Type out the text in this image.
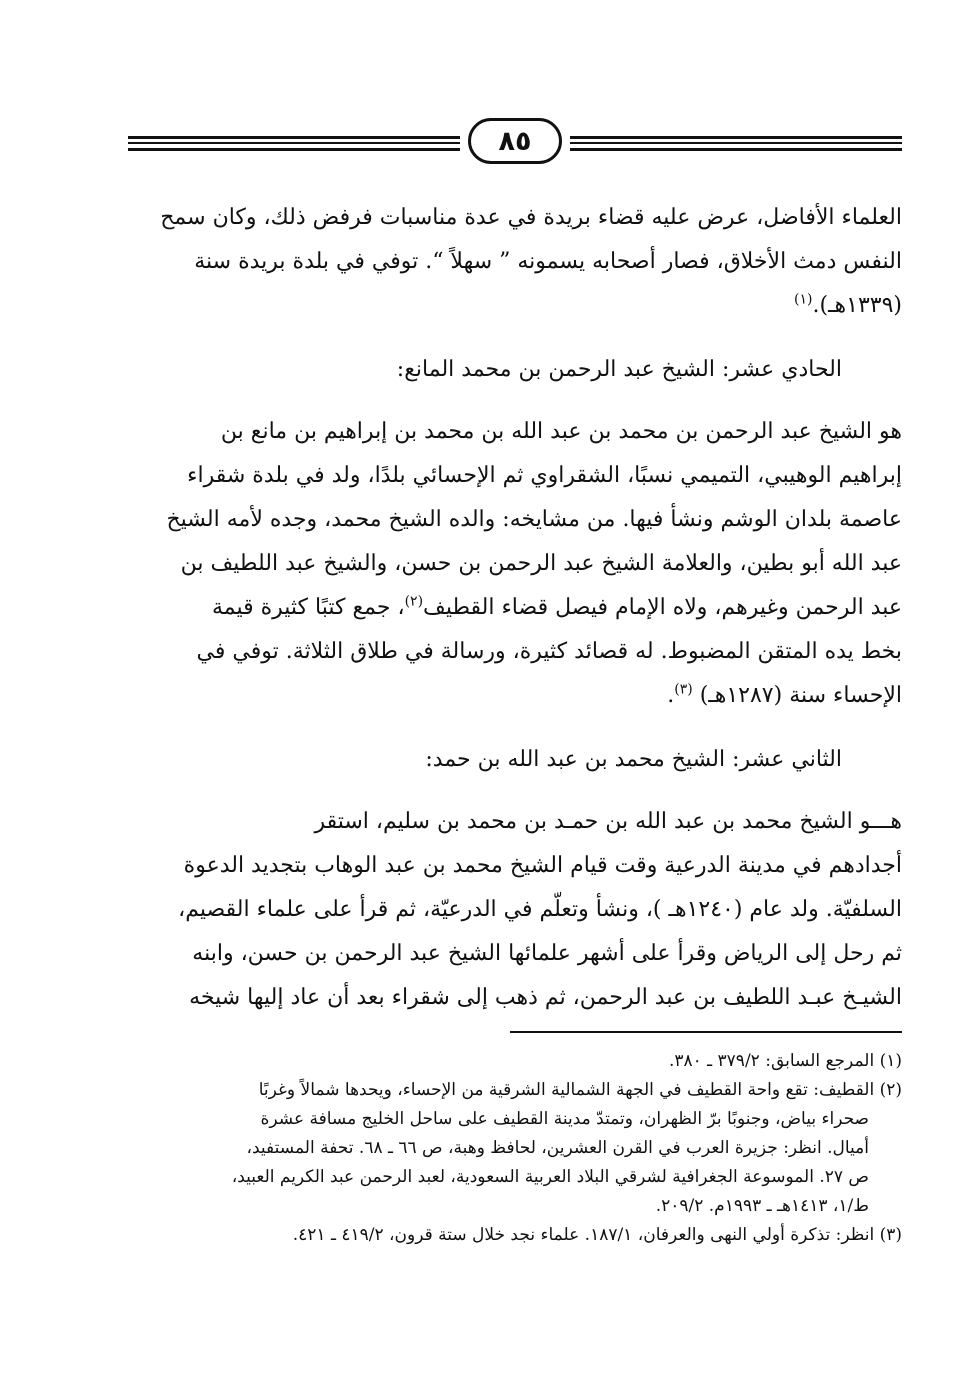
٨٥

العلماء الأفاضل، عرض عليه قضاء بريدة في عدة مناسبات فرفض ذلك، وكان سمح

النفس دمث الأخلاق، فصار أصحابه يسمونه ” سهلاً “. توفي في بلدة بريدة سنة

(١٣٣٩هـ).$^{(١)}$

الحادي عشر: الشيخ عبد الرحمن بن محمد المانع:

هو الشيخ عبد الرحمن بن محمد بن عبد الله بن محمد بن إبراهيم بن مانع بن

إبراهيم الوهيبي، التميمي نسبًا، الشقراوي ثم الإحسائي بلدًا، ولد في بلدة شقراء

عاصمة بلدان الوشم ونشأ فيها. من مشايخه: والده الشيخ محمد، وجده لأمه الشيخ

عبد الله أبو بطين، والعلامة الشيخ عبد الرحمن بن حسن، والشيخ عبد اللطيف بن

عبد الرحمن وغيرهم، ولاه الإمام فيصل قضاء القطيف$^{(٢)}$، جمع كتبًا كثيرة قيمة

بخط يده المتقن المضبوط. له قصائد كثيرة، ورسالة في طلاق الثلاثة. توفي في

الإحساء سنة (١٢٨٧هـ) $^{(٣)}$.

الثاني عشر: الشيخ محمد بن عبد الله بن حمد:

هـــو الشيخ محمد بن عبد الله بن حمـد بن محمد بن سليم، استقر

أجدادهم في مدينة الدرعية وقت قيام الشيخ محمد بن عبد الوهاب بتجديد الدعوة

السلفيّة. ولد عام (١٢٤٠هـ )، ونشأ وتعلّم في الدرعيّة، ثم قرأ على علماء القصيم،

ثم رحل إلى الرياض وقرأ على أشهر علمائها الشيخ عبد الرحمن بن حسن، وابنه

الشيـخ عبـد اللطيف بن عبد الرحمن، ثم ذهب إلى شقراء بعد أن عاد إليها شيخه

(١) المرجع السابق: ٣٧٩/٢ ـ ٣٨٠.

(٢) القطيف: تقع واحة القطيف في الجهة الشمالية الشرقية من الإحساء، ويحدها شمالاً وغربًا

صحراء بياض، وجنوبًا برّ الظهران، وتمتدّ مدينة القطيف على ساحل الخليج مسافة عشرة

أميال. انظر: جزيرة العرب في القرن العشرين، لحافظ وهبة، ص ٦٦ ـ ٦٨. تحفة المستفيد،

ص ٢٧. الموسوعة الجغرافية لشرقي البلاد العربية السعودية، لعبد الرحمن عبد الكريم العبيد،

ط/١، ١٤١٣هـ ـ ١٩٩٣م. ٢٠٩/٢.

(٣) انظر: تذكرة أولي النهى والعرفان، ١٨٧/١. علماء نجد خلال ستة قرون، ٤١٩/٢ ـ ٤٢١.
